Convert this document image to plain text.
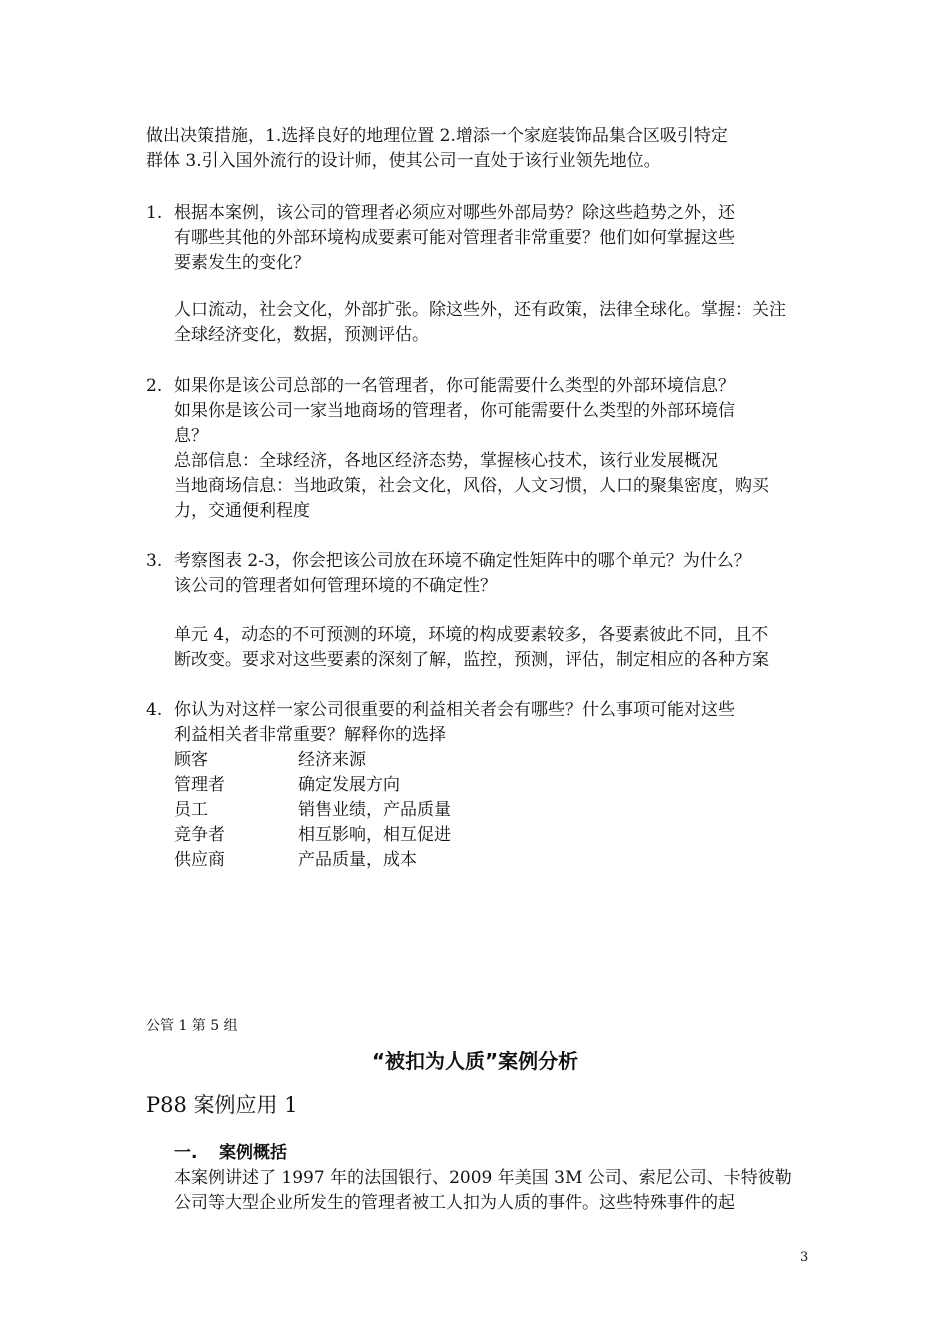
做出决策措施，1.选择良好的地理位置 2.增添一个家庭装饰品集合区吸引特定
群体 3.引入国外流行的设计师，使其公司一直处于该行业领先地位。
1. 根据本案例，该公司的管理者必须应对哪些外部局势？除这些趋势之外，还
有哪些其他的外部环境构成要素可能对管理者非常重要？他们如何掌握这些
要素发生的变化？
人口流动，社会文化，外部扩张。除这些外，还有政策，法律全球化。掌握：关注
全球经济变化，数据，预测评估。
2. 如果你是该公司总部的一名管理者，你可能需要什么类型的外部环境信息？
如果你是该公司一家当地商场的管理者，你可能需要什么类型的外部环境信
息？
总部信息：全球经济，各地区经济态势，掌握核心技术，该行业发展概况
当地商场信息：当地政策，社会文化，风俗，人文习惯，人口的聚集密度，购买
力，交通便利程度
3. 考察图表 2-3，你会把该公司放在环境不确定性矩阵中的哪个单元？为什么？
该公司的管理者如何管理环境的不确定性？
单元 4，动态的不可预测的环境，环境的构成要素较多，各要素彼此不同，且不
断改变。要求对这些要素的深刻了解，监控，预测，评估，制定相应的各种方案
4. 你认为对这样一家公司很重要的利益相关者会有哪些？什么事项可能对这些
利益相关者非常重要？解释你的选择
顾客	经济来源
管理者	确定发展方向
员工	销售业绩，产品质量
竞争者	相互影响，相互促进
供应商	产品质量，成本
公管 1 第 5 组
“被扣为人质”案例分析
P88 案例应用 1
一. 案例概括
本案例讲述了 1997 年的法国银行、2009 年美国 3M 公司、索尼公司、卡特彼勒
公司等大型企业所发生的管理者被工人扣为人质的事件。这些特殊事件的起
3
